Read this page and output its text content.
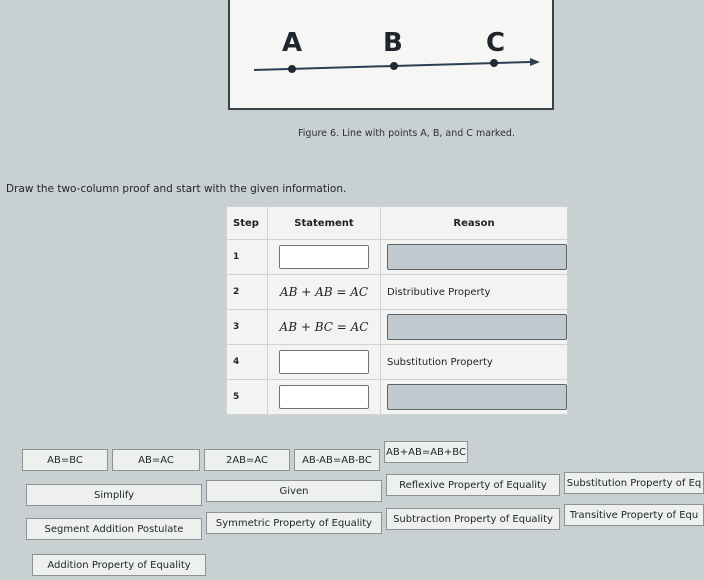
A	B	C
Figure 6. Line with points A, B, and C marked.
Draw the two-column proof and start with the given information.
Step	Statement	Reason
1		
2	AB + AB = AC	Distributive Property
3	AB + BC = AC	
4		Substitution Property
5		
AB=BC	AB=AC	2AB=AC	AB-AB=AB-BC
AB+AB=AB+BC
Simplify	Given
Reflexive Property of Equality	Substitution Property of Eq
Segment Addition Postulate
Symmetric Property of Equality	Subtraction Property of Equality	Transitive Property of Equ
Addition Property of Equality
